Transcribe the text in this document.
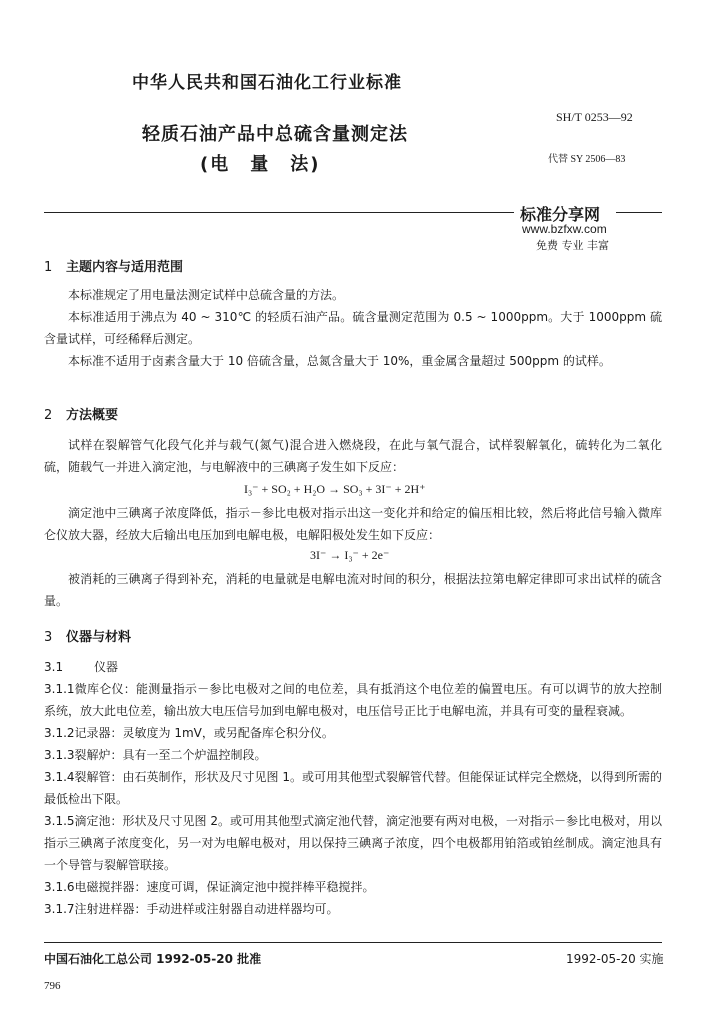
中华人民共和国石油化工行业标准
SH/T 0253—92
轻质石油产品中总硫含量测定法
(电　量　法)	代替 SY 2506—83
标准分享网
www.bzfxw.com
免费 专业 丰富
1 主题内容与适用范围
本标准规定了用电量法测定试样中总硫含量的方法。
本标准适用于沸点为 40 ~ 310℃ 的轻质石油产品。硫含量测定范围为 0.5 ~ 1000ppm。大于 1000ppm 硫含量试样，可经稀释后测定。
本标准不适用于卤素含量大于 10 倍硫含量，总氮含量大于 10%，重金属含量超过 500ppm 的试样。
2 方法概要
试样在裂解管气化段气化并与载气(氮气)混合进入燃烧段，在此与氧气混合，试样裂解氧化，硫转化为二氧化硫，随载气一并进入滴定池，与电解液中的三碘离子发生如下反应：
I₃⁻ + SO₂ + H₂O → SO₃ + 3I⁻ + 2H⁺
滴定池中三碘离子浓度降低，指示－参比电极对指示出这一变化并和给定的偏压相比较，然后将此信号输入微库仑仪放大器，经放大后输出电压加到电解电极，电解阳极处发生如下反应：
3I⁻ → I₃⁻ + 2e⁻
被消耗的三碘离子得到补充，消耗的电量就是电解电流对时间的积分，根据法拉第电解定律即可求出试样的硫含量。
3 仪器与材料
3.1	仪器
3.1.1微库仑仪：能测量指示－参比电极对之间的电位差，具有抵消这个电位差的偏置电压。有可以调节的放大控制系统，放大此电位差，输出放大电压信号加到电解电极对，电压信号正比于电解电流，并具有可变的量程衰减。
3.1.2记录器：灵敏度为 1mV，或另配备库仑积分仪。
3.1.3裂解炉：具有一至二个炉温控制段。
3.1.4裂解管：由石英制作，形状及尺寸见图 1。或可用其他型式裂解管代替。但能保证试样完全燃烧，以得到所需的最低检出下限。
3.1.5滴定池：形状及尺寸见图 2。或可用其他型式滴定池代替，滴定池要有两对电极，一对指示－参比电极对，用以指示三碘离子浓度变化，另一对为电解电极对，用以保持三碘离子浓度，四个电极都用铂箔或铂丝制成。滴定池具有一个导管与裂解管联接。
3.1.6电磁搅拌器：速度可调，保证滴定池中搅拌棒平稳搅拌。
3.1.7注射进样器：手动进样或注射器自动进样器均可。
中国石油化工总公司 1992-05-20 批准	1992-05-20 实施
796
